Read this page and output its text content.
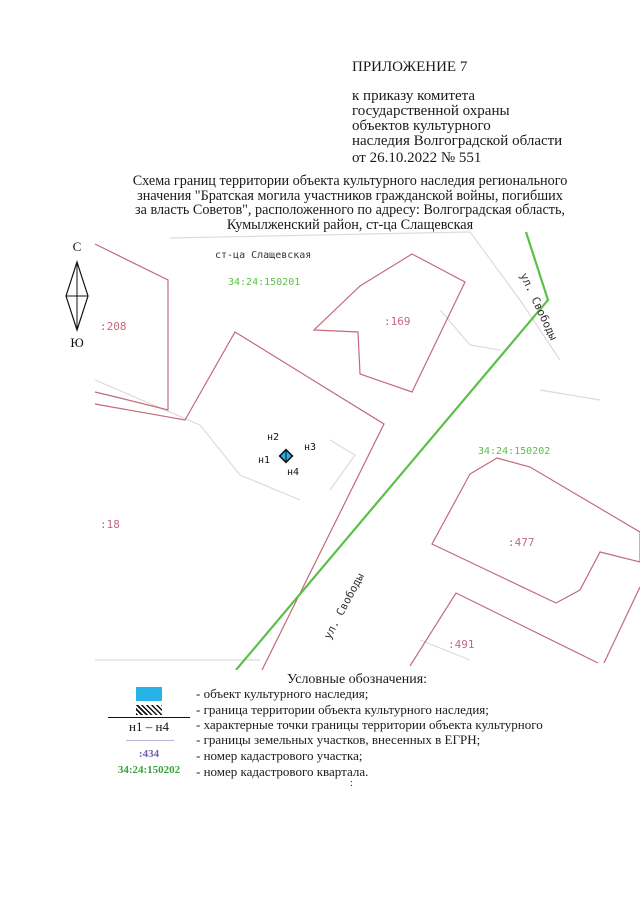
ПРИЛОЖЕНИЕ 7
к приказу комитета
государственной охраны
объектов культурного
наследия Волгоградской области
от 26.10.2022 № 551
Схема границ территории объекта культурного наследия регионального
значения "Братская могила участников гражданской войны, погибших
за власть Советов", расположенного по адресу: Волгоградская область,
Кумылженский район, ст-ца Слащевская
С
Ю
ст-ца Слащевская
34:24:150201
34:24:150202
:208	:169
:18
:477
:491
ул. Свободы
ул. Свободы
н1
н2
н3
н4
Условные обозначения:
- объект культурного наследия;
- граница территории объекта культурного наследия;
н1 – н4	- характерные точки границы территории объекта культурного
- границы земельных участков, внесенных в ЕГРН;
:434	- номер кадастрового участка;
34:24:150202	- номер кадастрового квартала.
:
